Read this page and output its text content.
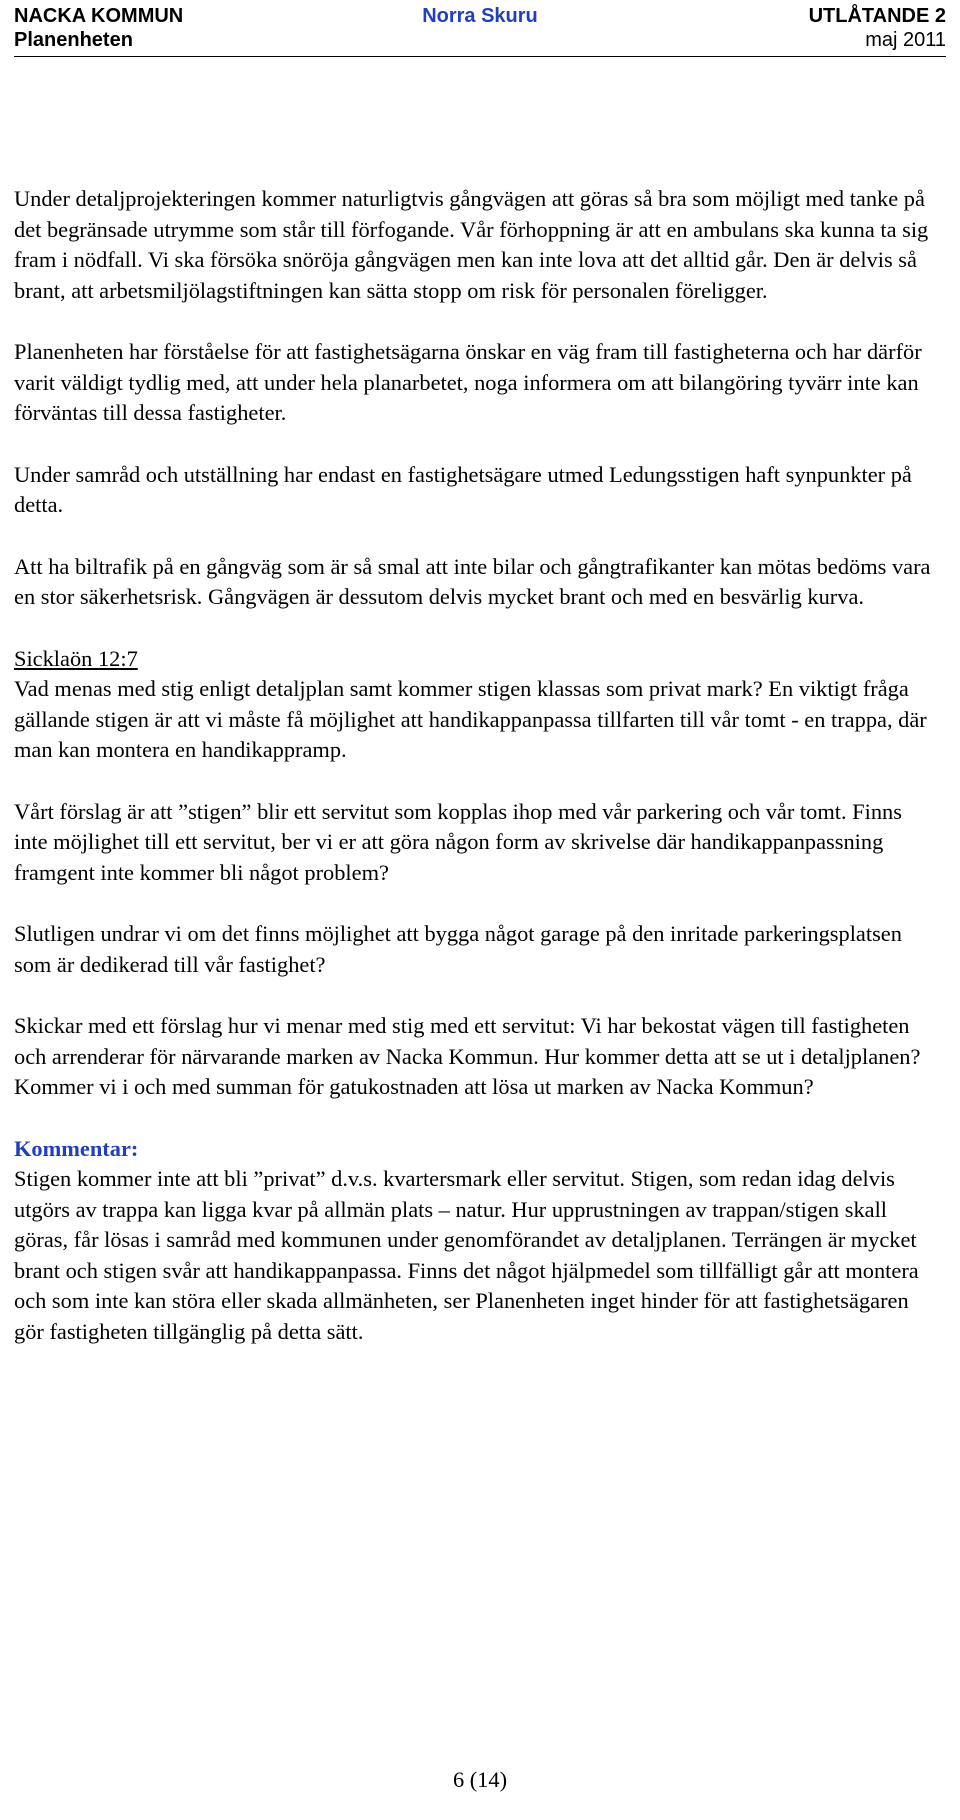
NACKA KOMMUN	Norra Skuru	UTLÅTANDE 2
Planenheten	maj 2011

Under detaljprojekteringen kommer naturligtvis gångvägen att göras så bra som möjligt med tanke på det begränsade utrymme som står till förfogande. Vår förhoppning är att en ambulans ska kunna ta sig fram i nödfall. Vi ska försöka snöröja gångvägen men kan inte lova att det alltid går. Den är delvis så brant, att arbetsmiljölagstiftningen kan sätta stopp om risk för personalen föreligger.

Planenheten har förståelse för att fastighetsägarna önskar en väg fram till fastigheterna och har därför varit väldigt tydlig med, att under hela planarbetet, noga informera om att bilangöring tyvärr inte kan förväntas till dessa fastigheter.

Under samråd och utställning har endast en fastighetsägare utmed Ledungsstigen haft synpunkter på detta.

Att ha biltrafik på en gångväg som är så smal att inte bilar och gångtrafikanter kan mötas bedöms vara en stor säkerhetsrisk. Gångvägen är dessutom delvis mycket brant och med en besvärlig kurva.

Sicklaön 12:7
Vad menas med stig enligt detaljplan samt kommer stigen klassas som privat mark? En viktigt fråga gällande stigen är att vi måste få möjlighet att handikappanpassa tillfarten till vår tomt - en trappa, där man kan montera en handikappramp.

Vårt förslag är att ”stigen” blir ett servitut som kopplas ihop med vår parkering och vår tomt. Finns inte möjlighet till ett servitut, ber vi er att göra någon form av skrivelse där handikappanpassning framgent inte kommer bli något problem?

Slutligen undrar vi om det finns möjlighet att bygga något garage på den inritade parkeringsplatsen som är dedikerad till vår fastighet?

Skickar med ett förslag hur vi menar med stig med ett servitut: Vi har bekostat vägen till fastigheten och arrenderar för närvarande marken av Nacka Kommun. Hur kommer detta att se ut i detaljplanen? Kommer vi i och med summan för gatukostnaden att lösa ut marken av Nacka Kommun?

Kommentar:
Stigen kommer inte att bli ”privat” d.v.s. kvartersmark eller servitut. Stigen, som redan idag delvis utgörs av trappa kan ligga kvar på allmän plats – natur. Hur upprustningen av trappan/stigen skall göras, får lösas i samråd med kommunen under genomförandet av detaljplanen. Terrängen är mycket brant och stigen svår att handikappanpassa. Finns det något hjälpmedel som tillfälligt går att montera och som inte kan störa eller skada allmänheten, ser Planenheten inget hinder för att fastighetsägaren gör fastigheten tillgänglig på detta sätt.

6 (14)
